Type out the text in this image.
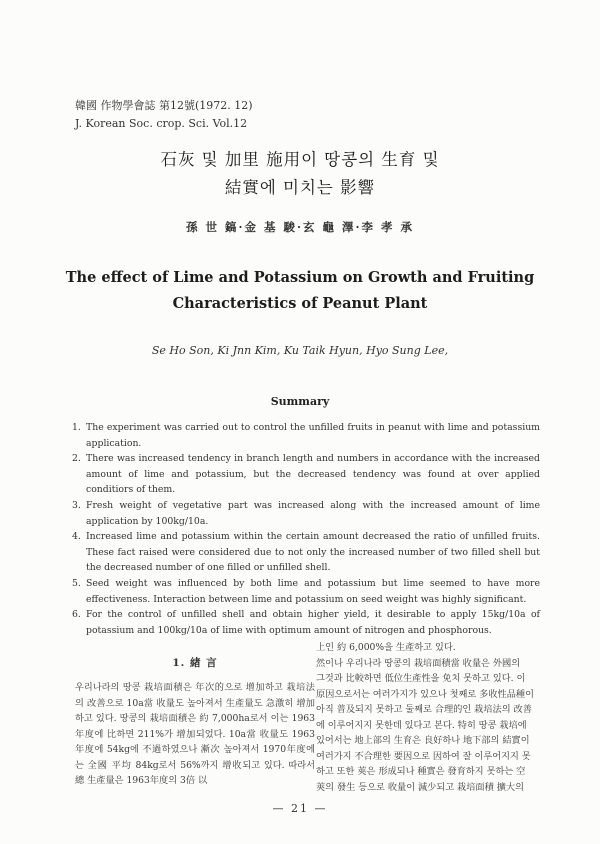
韓國 作物學會誌 第12號(1972. 12)
J. Korean Soc. crop. Sci. Vol.12
石灰 및 加里 施用이 땅콩의 生育 및
結實에 미치는 影響
孫 世 鎬·金 基 駿·玄 龜 澤·李 孝 承
The effect of Lime and Potassium on Growth and Fruiting
Characteristics of Peanut Plant
Se Ho Son, Ki Jnn Kim, Ku Taik Hyun, Hyo Sung Lee,
Summary
1. The experiment was carried out to control the unfilled fruits in peanut with lime and potassium application.
2. There was increased tendency in branch length and numbers in accordance with the increased amount of lime and potassium, but the decreased tendency was found at over applied conditiors of them.
3. Fresh weight of vegetative part was increased along with the increased amount of lime application by 100kg/10a.
4. Increased lime and potassium within the certain amount decreased the ratio of unfilled fruits. These fact raised were considered due to not only the increased number of two filled shell but the decreased number of one filled or unfilled shell.
5. Seed weight was influenced by both lime and potassium but lime seemed to have more effectiveness. Interaction between lime and potassium on seed weight was highly significant.
6. For the control of unfilled shell and obtain higher yield, it desirable to apply 15kg/10a of potassium and 100kg/10a of lime with optimum amount of nitrogen and phosphorous.
1. 緖 言
우리나라의 땅콩 栽培面積은 年次的으로 增加하고 栽培法의 改善으로 10a當 收量도 높아져서 生產量도 急激히 增加하고 있다. 땅콩의 栽培面積은 約 7,000ha로서 이는 1963年度에 比하면 211%가 增加되었다. 10a當 收量도 1963年度에 54kg에 不過하였으나 漸次 높아져서 1970年度에는 全國 平均 84kg로서 56%까지 增收되고 있다. 따라서 總 生產量은 1963年度의 3倍 以
上인 約 6,000%을 生產하고 있다.
然이나 우리나라 땅콩의 栽培面積當 收量은 外國의
그것과 比較하면 低位生產性을 免치 못하고 있다. 이
原因으로서는 여러가지가 있으나 첫째로 多收性品種이
아직 普及되지 못하고 둘째로 合理的인 栽培法의 改善
에 이루어지지 못한데 있다고 본다. 特히 땅콩 栽培에
있어서는 地上部의 生育은 良好하나 地下部의 結實이
여러가지 不合理한 要因으로 因하여 잘 이루어지지 못
하고 또한 莢은 形成되나 種實은 發育하지 못하는 空
莢의 發生 등으로 收量이 減少되고 栽培面積 擴大의
— 21 —
